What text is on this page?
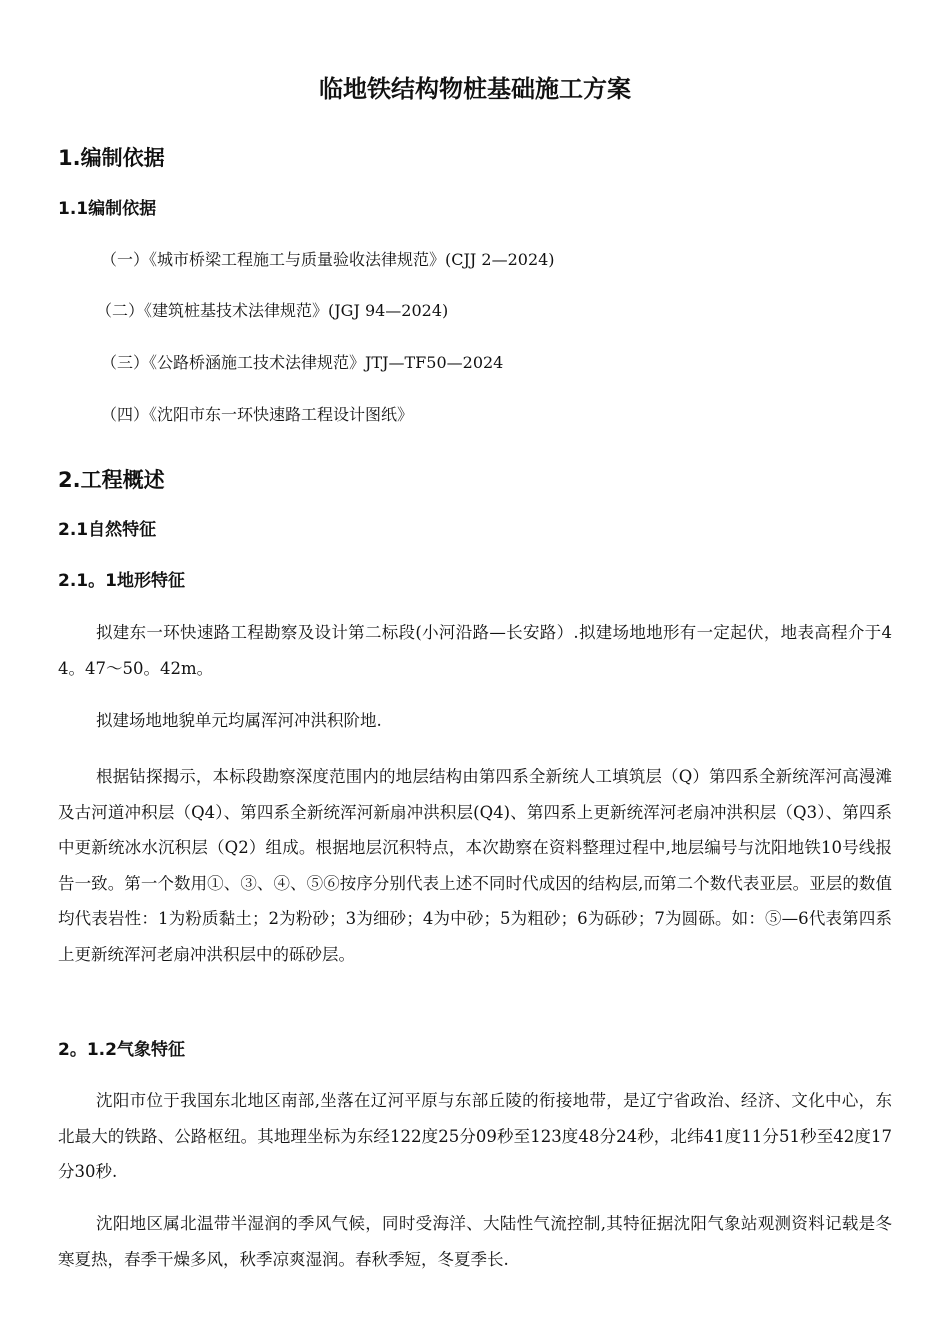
临地铁结构物桩基础施工方案
1.编制依据
1.1编制依据
（一）《城市桥梁工程施工与质量验收法律规范》(CJJ 2—2024)
（二）《建筑桩基技术法律规范》(JGJ 94—2024)
（三）《公路桥涵施工技术法律规范》JTJ—TF50—2024
（四）《沈阳市东一环快速路工程设计图纸》
2.工程概述
2.1自然特征
2.1。1地形特征

拟建东一环快速路工程勘察及设计第二标段(小河沿路—长安路）.拟建场地地形有一定起伏，地表高程介于44。47～50。42m。

拟建场地地貌单元均属浑河冲洪积阶地.

根据钻探揭示，本标段勘察深度范围内的地层结构由第四系全新统人工填筑层（Q）第四系全新统浑河高漫滩及古河道冲积层（Q4）、第四系全新统浑河新扇冲洪积层(Q4)、第四系上更新统浑河老扇冲洪积层（Q3）、第四系中更新统冰水沉积层（Q2）组成。根据地层沉积特点，本次勘察在资料整理过程中,地层编号与沈阳地铁10号线报告一致。第一个数用①、③、④、⑤⑥按序分别代表上述不同时代成因的结构层,而第二个数代表亚层。亚层的数值均代表岩性：1为粉质黏土；2为粉砂；3为细砂；4为中砂；5为粗砂；6为砾砂；7为圆砾。如：⑤—6代表第四系上更新统浑河老扇冲洪积层中的砾砂层。

2。1.2气象特征

沈阳市位于我国东北地区南部,坐落在辽河平原与东部丘陵的衔接地带，是辽宁省政治、经济、文化中心，东北最大的铁路、公路枢纽。其地理坐标为东经122度25分09秒至123度48分24秒，北纬41度11分51秒至42度17分30秒.

沈阳地区属北温带半湿润的季风气候，同时受海洋、大陆性气流控制,其特征据沈阳气象站观测资料记载是冬寒夏热，春季干燥多风，秋季凉爽湿润。春秋季短，冬夏季长.
